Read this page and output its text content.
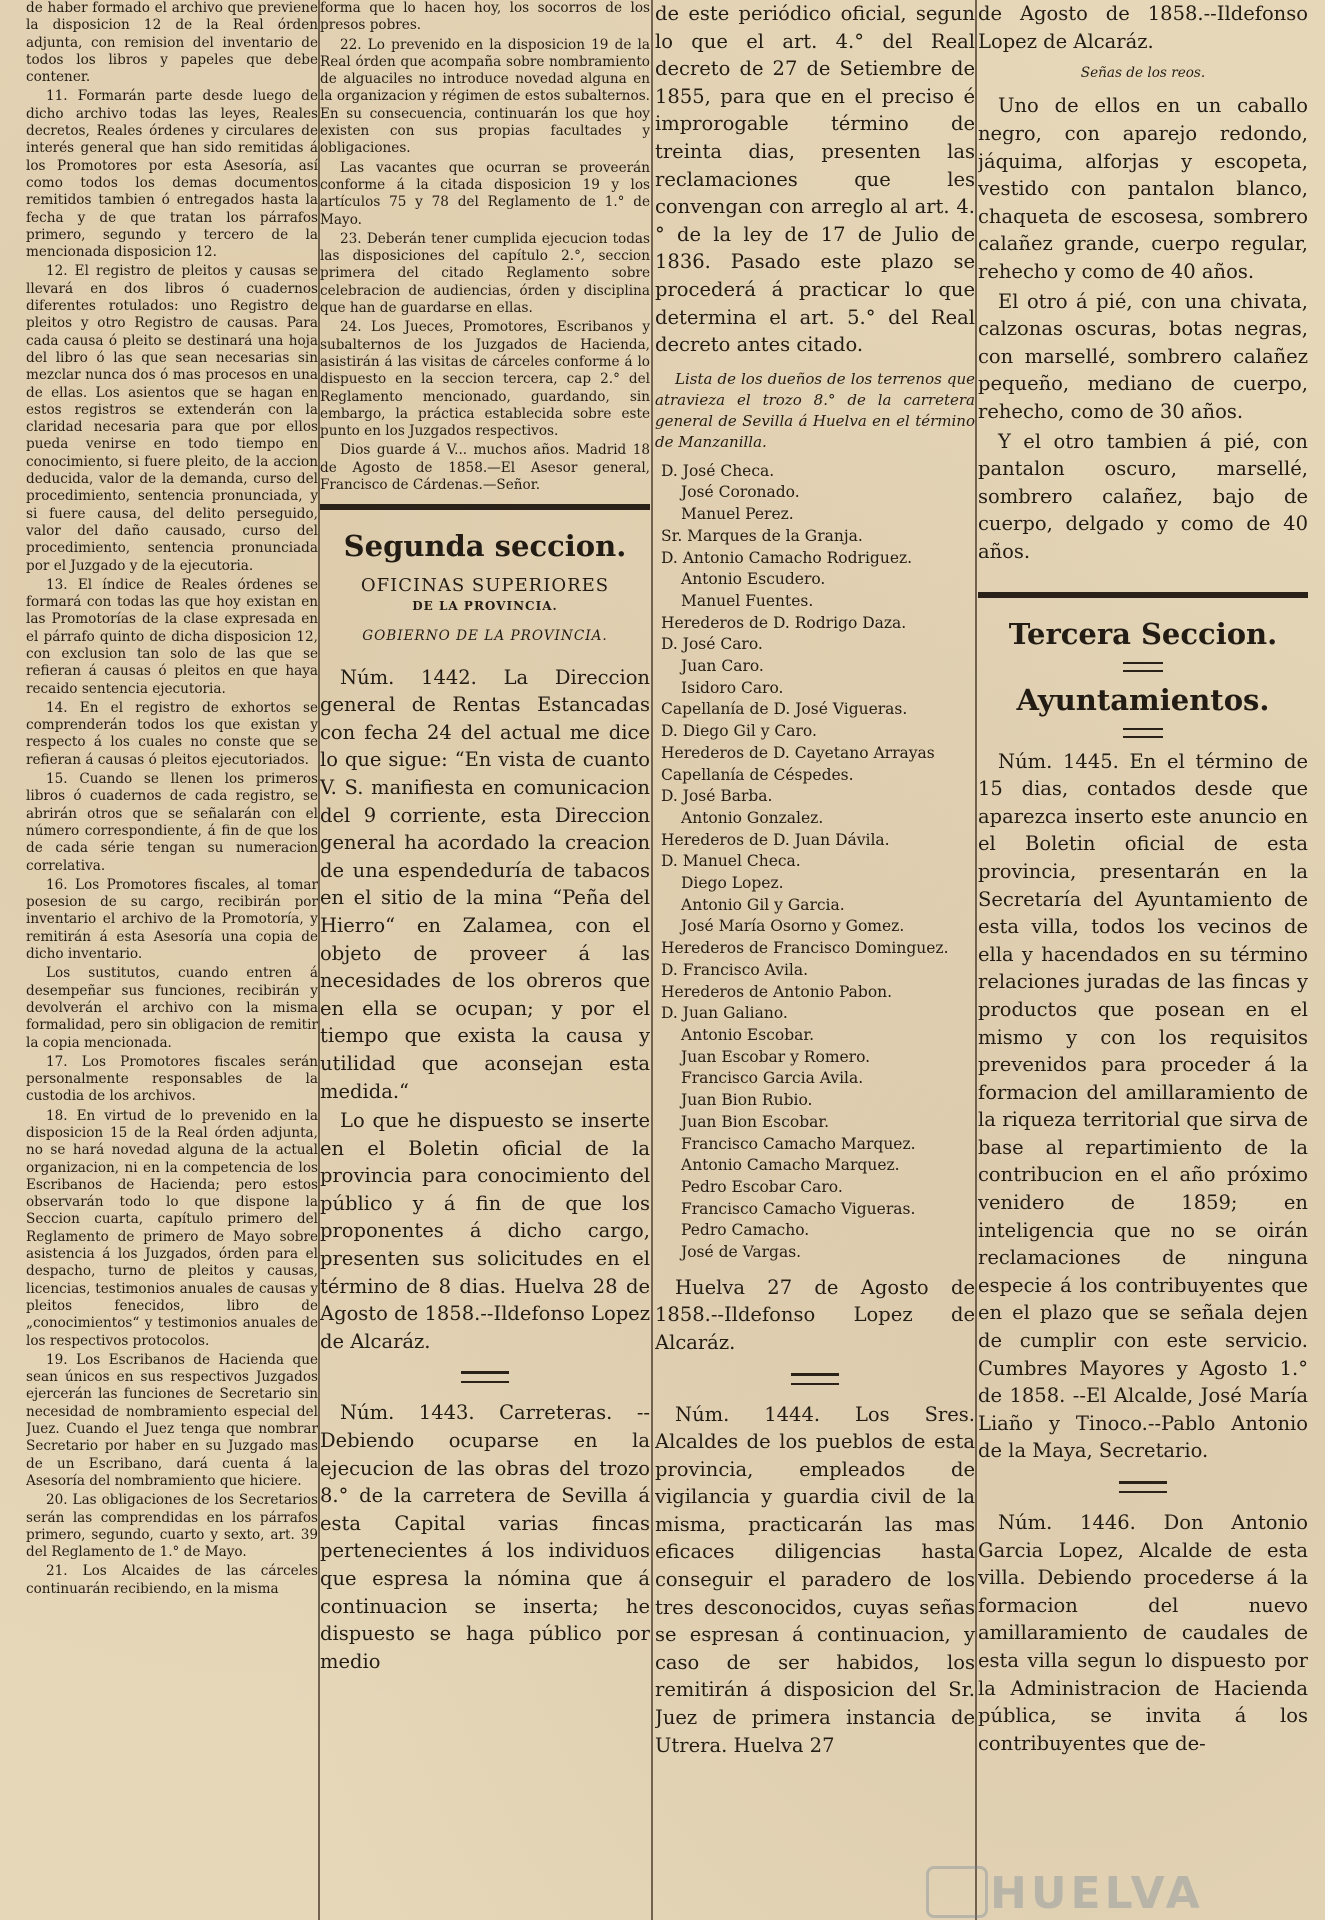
de haber formado el archivo que previene la disposicion 12 de la Real órden adjunta, con remision del inventario de todos los libros y papeles que debe contener.

11. Formarán parte desde luego de dicho archivo todas las leyes, Reales decretos, Reales órdenes y circulares de interés general que han sido remitidas á los Promotores por esta Asesoría, así como todos los demas documentos remitidos tambien ó entregados hasta la fecha y de que tratan los párrafos primero, segundo y tercero de la mencionada disposicion 12.

12. El registro de pleitos y causas se llevará en dos libros ó cuadernos diferentes rotulados: uno Registro de pleitos y otro Registro de causas. Para cada causa ó pleito se destinará una hoja del libro ó las que sean necesarias sin mezclar nunca dos ó mas procesos en una de ellas. Los asientos que se hagan en estos registros se extenderán con la claridad necesaria para que por ellos pueda venirse en todo tiempo en conocimiento, si fuere pleito, de la accion deducida, valor de la demanda, curso del procedimiento, sentencia pronunciada, y si fuere causa, del delito perseguido, valor del daño causado, curso del procedimiento, sentencia pronunciada por el Juzgado y de la ejecutoria.

13. El índice de Reales órdenes se formará con todas las que hoy existan en las Promotorías de la clase expresada en el párrafo quinto de dicha disposicion 12, con exclusion tan solo de las que se refieran á causas ó pleitos en que haya recaido sentencia ejecutoria.

14. En el registro de exhortos se comprenderán todos los que existan y respecto á los cuales no conste que se refieran á causas ó pleitos ejecutoriados.

15. Cuando se llenen los primeros libros ó cuadernos de cada registro, se abrirán otros que se señalarán con el número correspondiente, á fin de que los de cada série tengan su numeracion correlativa.

16. Los Promotores fiscales, al tomar posesion de su cargo, recibirán por inventario el archivo de la Promotoría, y remitirán á esta Asesoría una copia de dicho inventario.

Los sustitutos, cuando entren á desempeñar sus funciones, recibirán y devolverán el archivo con la misma formalidad, pero sin obligacion de remitir la copia mencionada.

17. Los Promotores fiscales serán personalmente responsables de la custodia de los archivos.

18. En virtud de lo prevenido en la disposicion 15 de la Real órden adjunta, no se hará novedad alguna de la actual organizacion, ni en la competencia de los Escribanos de Hacienda; pero estos observarán todo lo que dispone la Seccion cuarta, capítulo primero del Reglamento de primero de Mayo sobre asistencia á los Juzgados, órden para el despacho, turno de pleitos y causas, licencias, testimonios anuales de causas y pleitos fenecidos, libro de „conocimientos“ y testimonios anuales de los respectivos protocolos.

19. Los Escribanos de Hacienda que sean únicos en sus respectivos Juzgados ejercerán las funciones de Secretario sin necesidad de nombramiento especial del Juez. Cuando el Juez tenga que nombrar Secretario por haber en su Juzgado mas de un Escribano, dará cuenta á la Asesoría del nombramiento que hiciere.

20. Las obligaciones de los Secretarios serán las comprendidas en los párrafos primero, segundo, cuarto y sexto, art. 39 del Reglamento de 1.° de Mayo.

21. Los Alcaides de las cárceles continuarán recibiendo, en la misma

forma que lo hacen hoy, los socorros de los presos pobres.

22. Lo prevenido en la disposicion 19 de la Real órden que acompaña sobre nombramiento de alguaciles no introduce novedad alguna en la organizacion y régimen de estos subalternos. En su consecuencia, continuarán los que hoy existen con sus propias facultades y obligaciones.

Las vacantes que ocurran se proveerán conforme á la citada disposicion 19 y los artículos 75 y 78 del Reglamento de 1.° de Mayo.

23. Deberán tener cumplida ejecucion todas las disposiciones del capítulo 2.°, seccion primera del citado Reglamento sobre celebracion de audiencias, órden y disciplina que han de guardarse en ellas.

24. Los Jueces, Promotores, Escribanos y subalternos de los Juzgados de Hacienda, asistirán á las visitas de cárceles conforme á lo dispuesto en la seccion tercera, cap 2.° del Reglamento mencionado, guardando, sin embargo, la práctica establecida sobre este punto en los Juzgados respectivos.

Dios guarde á V... muchos años. Madrid 18 de Agosto de 1858.—El Asesor general, Francisco de Cárdenas.—Señor.

Segunda seccion.
OFICINAS SUPERIORES
DE LA PROVINCIA.
GOBIERNO DE LA PROVINCIA.

Núm. 1442. La Direccion general de Rentas Estancadas con fecha 24 del actual me dice lo que sigue: “En vista de cuanto V. S. manifiesta en comunicacion del 9 corriente, esta Direccion general ha acordado la creacion de una espendeduría de tabacos en el sitio de la mina “Peña del Hierro“ en Zalamea, con el objeto de proveer á las necesidades de los obreros que en ella se ocupan; y por el tiempo que exista la causa y utilidad que aconsejan esta medida.“

Lo que he dispuesto se inserte en el Boletin oficial de la provincia para conocimiento del público y á fin de que los proponentes á dicho cargo, presenten sus solicitudes en el término de 8 dias. Huelva 28 de Agosto de 1858.--Ildefonso Lopez de Alcaráz.

Núm. 1443. Carreteras. --Debiendo ocuparse en la ejecucion de las obras del trozo 8.° de la carretera de Sevilla á esta Capital varias fincas pertenecientes á los individuos que espresa la nómina que á continuacion se inserta; he dispuesto se haga público por medio

de este periódico oficial, segun lo que el art. 4.° del Real decreto de 27 de Setiembre de 1855, para que en el preciso é improrogable término de treinta dias, presenten las reclamaciones que les convengan con arreglo al art. 4.° de la ley de 17 de Julio de 1836. Pasado este plazo se procederá á practicar lo que determina el art. 5.° del Real decreto antes citado.

Lista de los dueños de los terrenos que atravieza el trozo 8.° de la carretera general de Sevilla á Huelva en el término de Manzanilla.

D. José Checa.
José Coronado.
Manuel Perez.
Sr. Marques de la Granja.
D. Antonio Camacho Rodriguez.
Antonio Escudero.
Manuel Fuentes.
Herederos de D. Rodrigo Daza.
D. José Caro.
Juan Caro.
Isidoro Caro.
Capellanía de D. José Vigueras.
D. Diego Gil y Caro.
Herederos de D. Cayetano Arrayas
Capellanía de Céspedes.
D. José Barba.
Antonio Gonzalez.
Herederos de D. Juan Dávila.
D. Manuel Checa.
Diego Lopez.
Antonio Gil y Garcia.
José María Osorno y Gomez.
Herederos de Francisco Dominguez.
D. Francisco Avila.
Herederos de Antonio Pabon.
D. Juan Galiano.
Antonio Escobar.
Juan Escobar y Romero.
Francisco Garcia Avila.
Juan Bion Rubio.
Juan Bion Escobar.
Francisco Camacho Marquez.
Antonio Camacho Marquez.
Pedro Escobar Caro.
Francisco Camacho Vigueras.
Pedro Camacho.
José de Vargas.

Huelva 27 de Agosto de 1858.--Ildefonso Lopez de Alcaráz.

Núm. 1444. Los Sres. Alcaldes de los pueblos de esta provincia, empleados de vigilancia y guardia civil de la misma, practicarán las mas eficaces diligencias hasta conseguir el paradero de los tres desconocidos, cuyas señas se espresan á continuacion, y caso de ser habidos, los remitirán á disposicion del Sr. Juez de primera instancia de Utrera. Huelva 27

de Agosto de 1858.--Ildefonso Lopez de Alcaráz.

Señas de los reos.

Uno de ellos en un caballo negro, con aparejo redondo, jáquima, alforjas y escopeta, vestido con pantalon blanco, chaqueta de escosesa, sombrero calañez grande, cuerpo regular, rehecho y como de 40 años.

El otro á pié, con una chivata, calzonas oscuras, botas negras, con marsellé, sombrero calañez pequeño, mediano de cuerpo, rehecho, como de 30 años.

Y el otro tambien á pié, con pantalon oscuro, marsellé, sombrero calañez, bajo de cuerpo, delgado y como de 40 años.

Tercera Seccion.
Ayuntamientos.

Núm. 1445. En el término de 15 dias, contados desde que aparezca inserto este anuncio en el Boletin oficial de esta provincia, presentarán en la Secretaría del Ayuntamiento de esta villa, todos los vecinos de ella y hacendados en su término relaciones juradas de las fincas y productos que posean en el mismo y con los requisitos prevenidos para proceder á la formacion del amillaramiento de la riqueza territorial que sirva de base al repartimiento de la contribucion en el año próximo venidero de 1859; en inteligencia que no se oirán reclamaciones de ninguna especie á los contribuyentes que en el plazo que se señala dejen de cumplir con este servicio. Cumbres Mayores y Agosto 1.° de 1858. --El Alcalde, José María Liaño y Tinoco.--Pablo Antonio de la Maya, Secretario.

Núm. 1446. Don Antonio Garcia Lopez, Alcalde de esta villa. Debiendo procederse á la formacion del nuevo amillaramiento de caudales de esta villa segun lo dispuesto por la Administracion de Hacienda pública, se invita á los contribuyentes que de-

HUELVA
